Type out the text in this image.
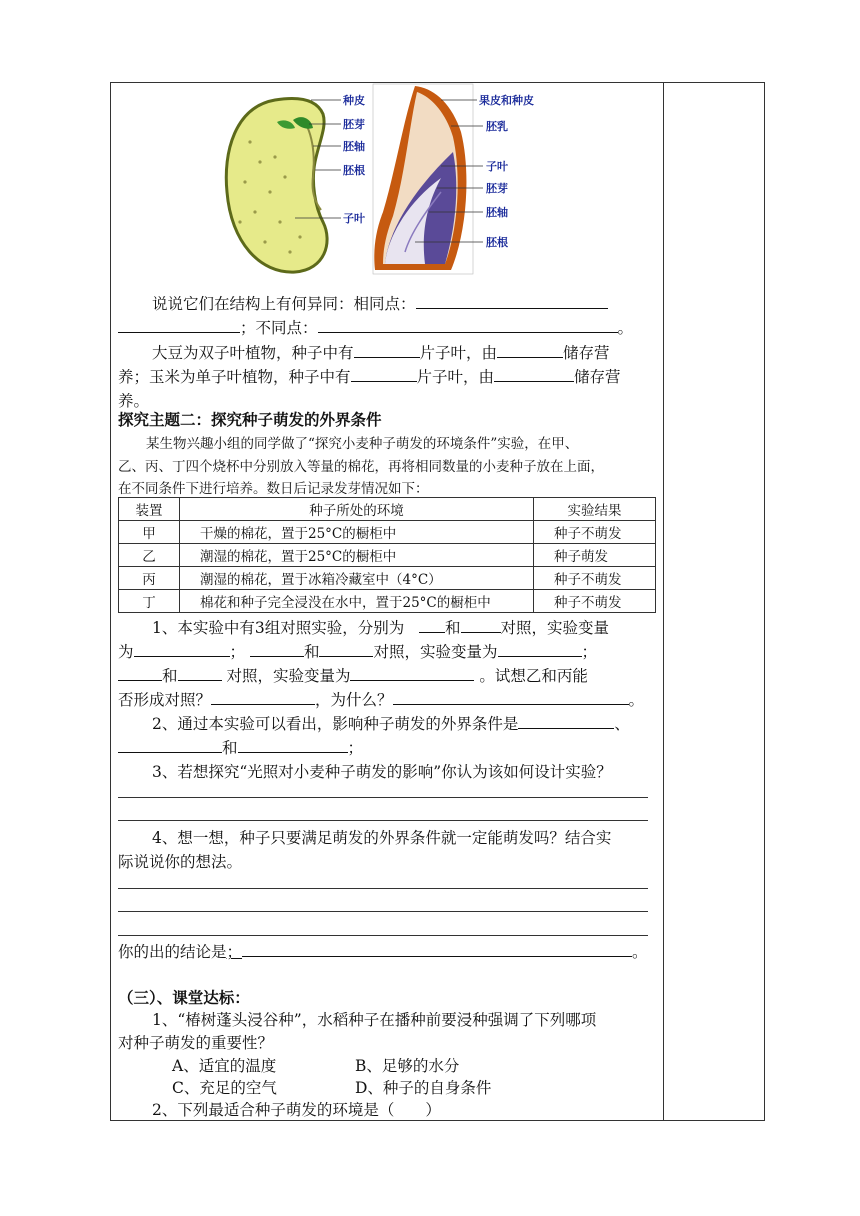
种皮
胚芽
胚轴
胚根
子叶
果皮和种皮
胚乳
子叶
胚芽
胚轴
胚根
说说它们在结构上有何异同：相同点：
；不同点：	。
大豆为双子叶植物，种子中有	片子叶，由	储存营
养；玉米为单子叶植物，种子中有	片子叶，由	储存营
养。
探究主题二：探究种子萌发的外界条件
某生物兴趣小组的同学做了“探究小麦种子萌发的环境条件”实验，在甲、
乙、丙、丁四个烧杯中分别放入等量的棉花，再将相同数量的小麦种子放在上面，
在不同条件下进行培养。数日后记录发芽情况如下：
装置	种子所处的环境	实验结果
甲	干燥的棉花，置于25°C的橱柜中	种子不萌发
乙	潮湿的棉花，置于25°C的橱柜中	种子萌发
丙	潮湿的棉花，置于冰箱冷藏室中（4°C）	种子不萌发
丁	棉花和种子完全浸没在水中，置于25°C的橱柜中	种子不萌发
1、本实验中有3组对照实验，分别为	和	对照，实验变量
为	；	和	对照，实验变量为	；
和	对照，实验变量为	。试想乙和丙能
否形成对照？	，为什么？	。
2、通过本实验可以看出，影响种子萌发的外界条件是	、
和	；
3、若想探究“光照对小麦种子萌发的影响”你认为该如何设计实验？
4、想一想，种子只要满足萌发的外界条件就一定能萌发吗？结合实
际说说你的想法。
你的出的结论是；	。
（三）、课堂达标：
1、“椿树蓬头浸谷种”，水稻种子在播种前要浸种强调了下列哪项
对种子萌发的重要性？
A、适宜的温度	B、足够的水分
C、充足的空气	D、种子的自身条件
2、下列最适合种子萌发的环境是（　　）
